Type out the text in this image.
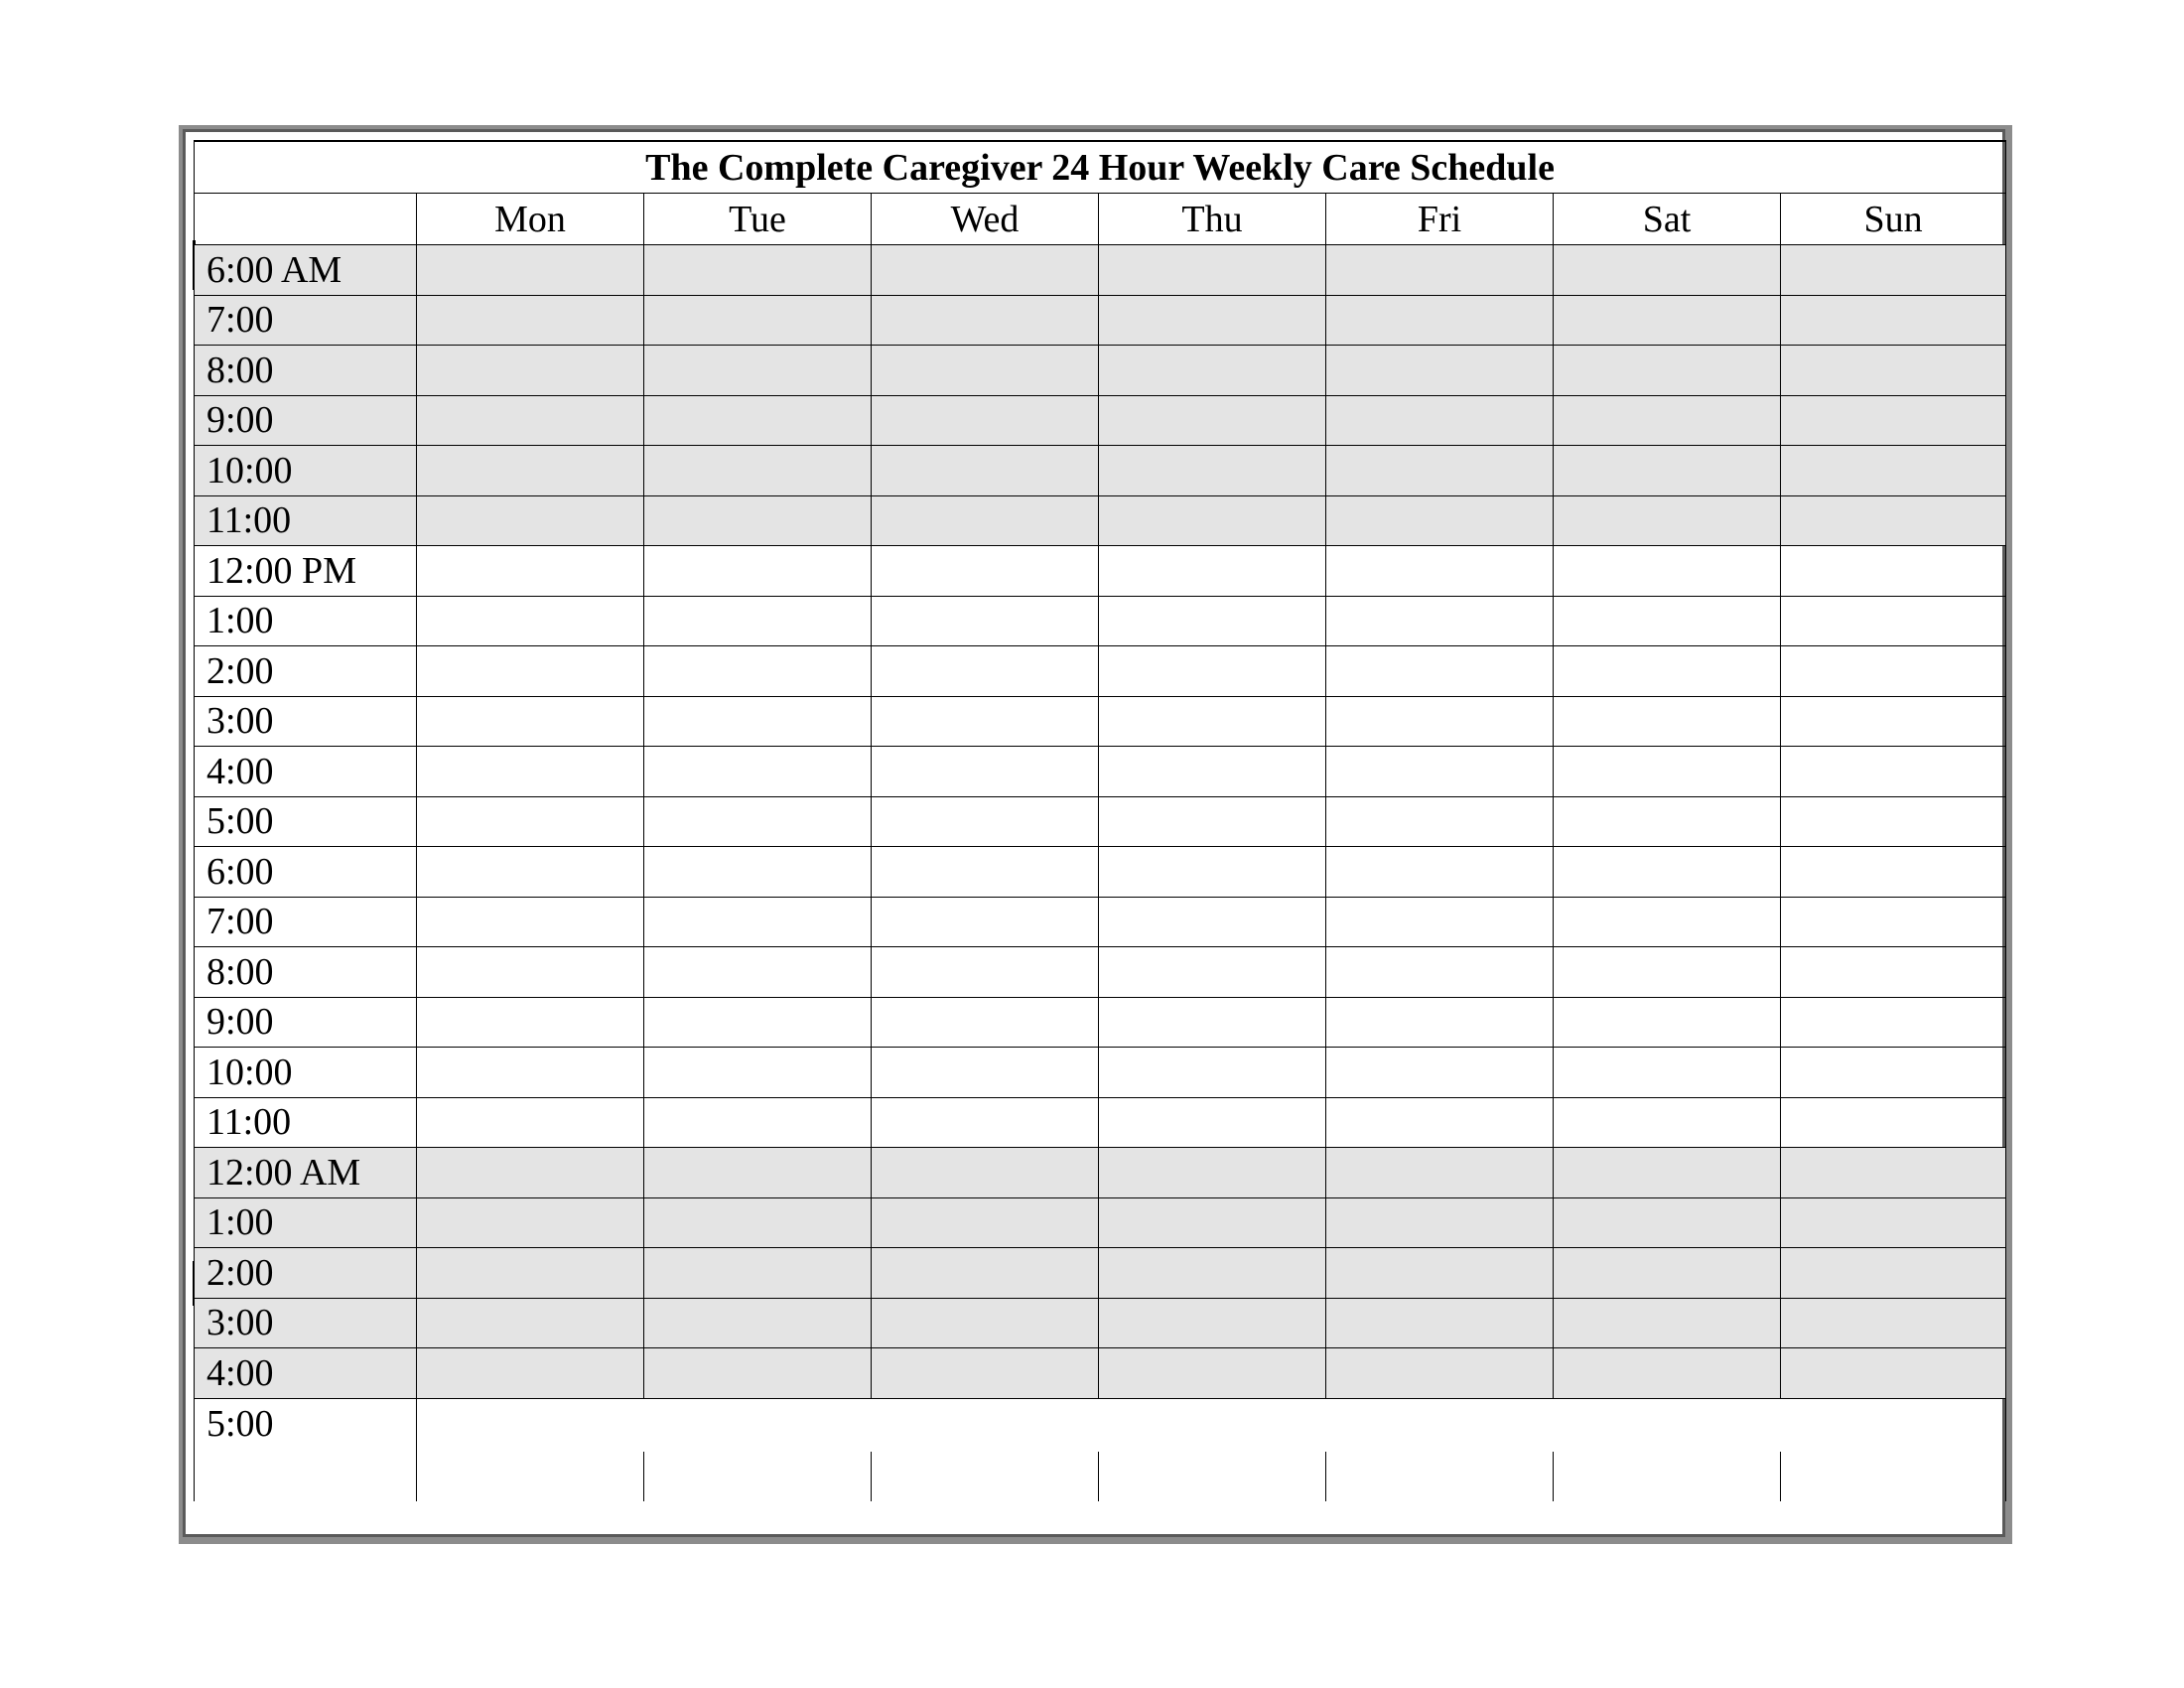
The Complete Caregiver 24 Hour Weekly Care Schedule							
	Mon	Tue	Wed	Thu	Fri	Sat	Sun
6:00 AM							
7:00							
8:00							
9:00							
10:00							
11:00							
12:00 PM							
1:00							
2:00							
3:00							
4:00							
5:00							
6:00							
7:00							
8:00							
9:00							
10:00							
11:00							
12:00 AM							
1:00							
2:00							
3:00							
4:00							
5:00							
